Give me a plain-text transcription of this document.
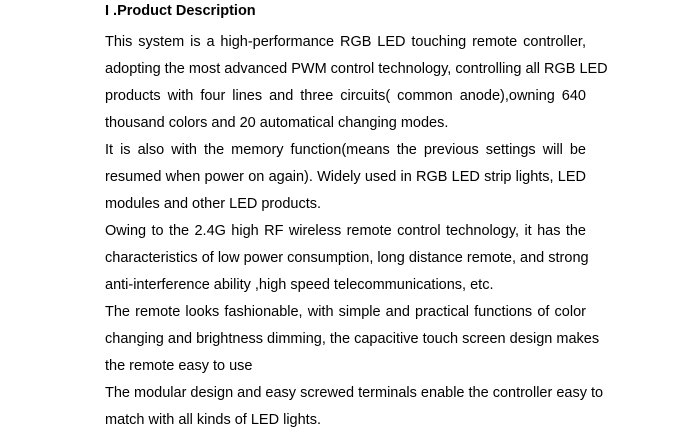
I .Product Description
This system is a high-performance RGB LED touching remote controller,
adopting the most advanced PWM control technology, controlling all RGB LED
products with four lines and three circuits( common anode),owning 640
thousand colors and 20 automatical changing modes.
It is also with the memory function(means the previous settings will be
resumed when power on again). Widely used in RGB LED strip lights, LED
modules and other LED products.
Owing to the 2.4G high RF wireless remote control technology, it has the
characteristics of low power consumption, long distance remote, and strong
anti-interference ability ,high speed telecommunications, etc.
The remote looks fashionable, with simple and practical functions of color
changing and brightness dimming, the capacitive touch screen design makes
the remote easy to use
The modular design and easy screwed terminals enable the controller easy to
match with all kinds of LED lights.
